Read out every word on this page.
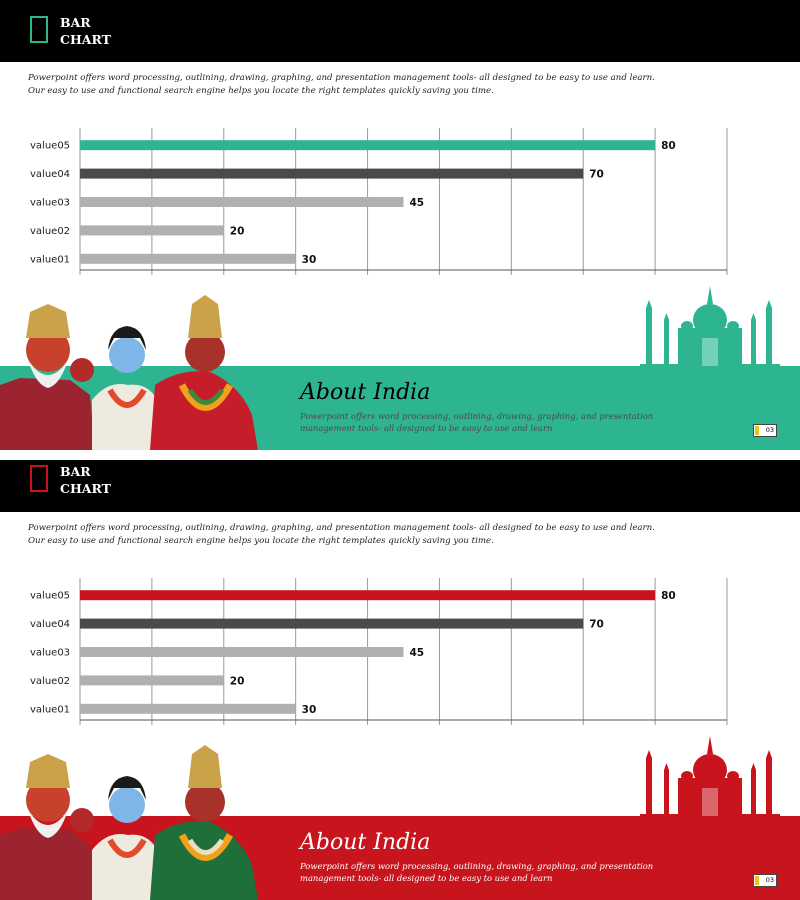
BAR
CHART
Powerpoint offers word processing, outlining, drawing, graphing, and presentation management tools- all designed to be easy to use and learn.
Our easy to use and functional search engine helps you locate the right templates quickly saving you time.
value05	80
value04	70
value03	45
value02	20
value01	30
About India
Powerpoint offers word processing, outlining, drawing, graphing, and presentation
management tools- all designed to be easy to use and learn	03
BAR
CHART
Powerpoint offers word processing, outlining, drawing, graphing, and presentation management tools- all designed to be easy to use and learn.
Our easy to use and functional search engine helps you locate the right templates quickly saving you time.
value05	80
value04	70
value03	45
value02	20
value01	30
About India
Powerpoint offers word processing, outlining, drawing, graphing, and presentation
management tools- all designed to be easy to use and learn	03
